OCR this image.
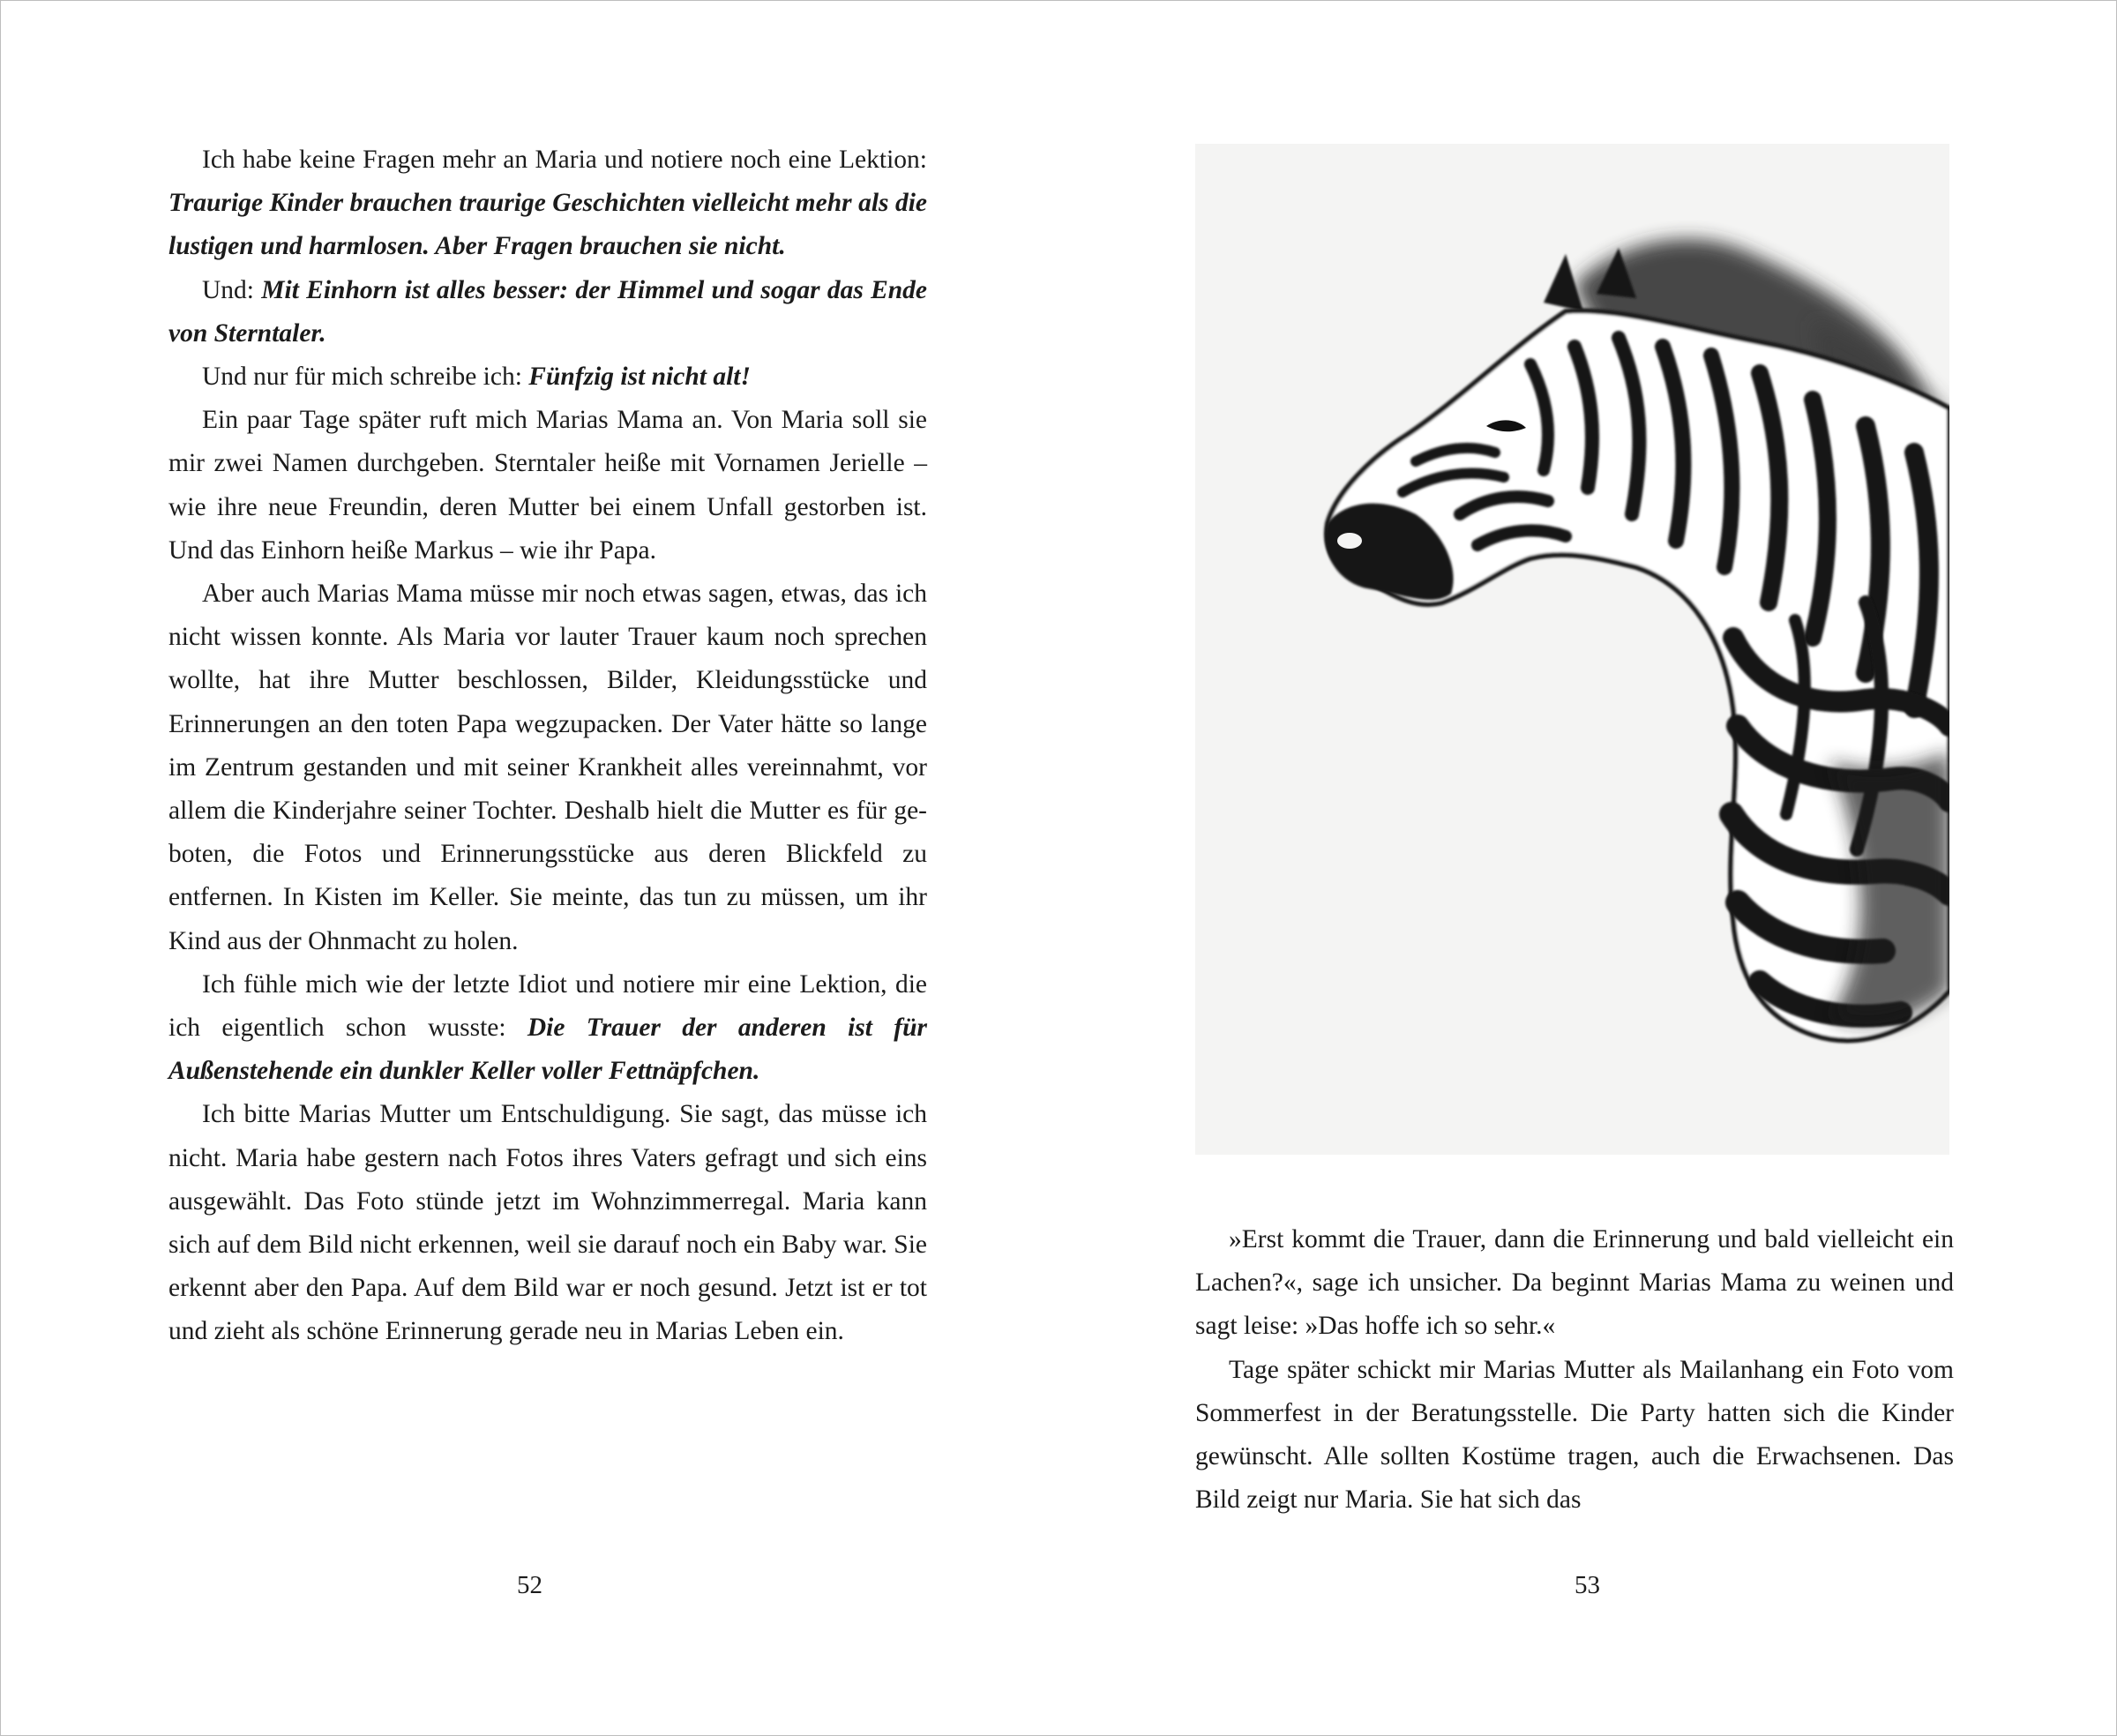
Ich habe keine Fragen mehr an Maria und notiere noch eine Lektion: Traurige Kinder brauchen traurige Geschichten vielleicht mehr als die lustigen und harmlosen. Aber Fragen brauchen sie nicht.

Und: Mit Einhorn ist alles besser: der Himmel und sogar das Ende von Sterntaler.

Und nur für mich schreibe ich: Fünfzig ist nicht alt!

Ein paar Tage später ruft mich Marias Mama an. Von Maria soll sie mir zwei Namen durchgeben. Sterntaler heiße mit Vornamen Jerielle – wie ihre neue Freundin, deren Mutter bei einem Unfall gestorben ist. Und das Einhorn heiße Markus – wie ihr Papa.

Aber auch Marias Mama müsse mir noch etwas sagen, etwas, das ich nicht wissen konnte. Als Maria vor lauter Trauer kaum noch sprechen wollte, hat ihre Mutter beschlossen, Bilder, Kleidungsstücke und Erinnerungen an den toten Papa wegzupacken. Der Vater hätte so lange im Zentrum gestanden und mit seiner Krankheit alles vereinnahmt, vor allem die Kinderjahre seiner Tochter. Deshalb hielt die Mutter es für geboten, die Fotos und Erinnerungsstücke aus deren Blickfeld zu entfernen. In Kisten im Keller. Sie meinte, das tun zu müssen, um ihr Kind aus der Ohnmacht zu holen.

Ich fühle mich wie der letzte Idiot und notiere mir eine Lektion, die ich eigentlich schon wusste: Die Trauer der anderen ist für Außenstehende ein dunkler Keller voller Fettnäpfchen.

Ich bitte Marias Mutter um Entschuldigung. Sie sagt, das müsse ich nicht. Maria habe gestern nach Fotos ihres Vaters gefragt und sich eins ausgewählt. Das Foto stünde jetzt im Wohnzimmerregal. Maria kann sich auf dem Bild nicht erkennen, weil sie darauf noch ein Baby war. Sie erkennt aber den Papa. Auf dem Bild war er noch gesund. Jetzt ist er tot und zieht als schöne Erinnerung gerade neu in Marias Leben ein.

52

»Erst kommt die Trauer, dann die Erinnerung und bald vielleicht ein Lachen?«, sage ich unsicher. Da beginnt Marias Mama zu weinen und sagt leise: »Das hoffe ich so sehr.«

Tage später schickt mir Marias Mutter als Mailanhang ein Foto vom Sommerfest in der Beratungsstelle. Die Party hatten sich die Kinder gewünscht. Alle sollten Kostüme tragen, auch die Erwachsenen. Das Bild zeigt nur Maria. Sie hat sich das

53
